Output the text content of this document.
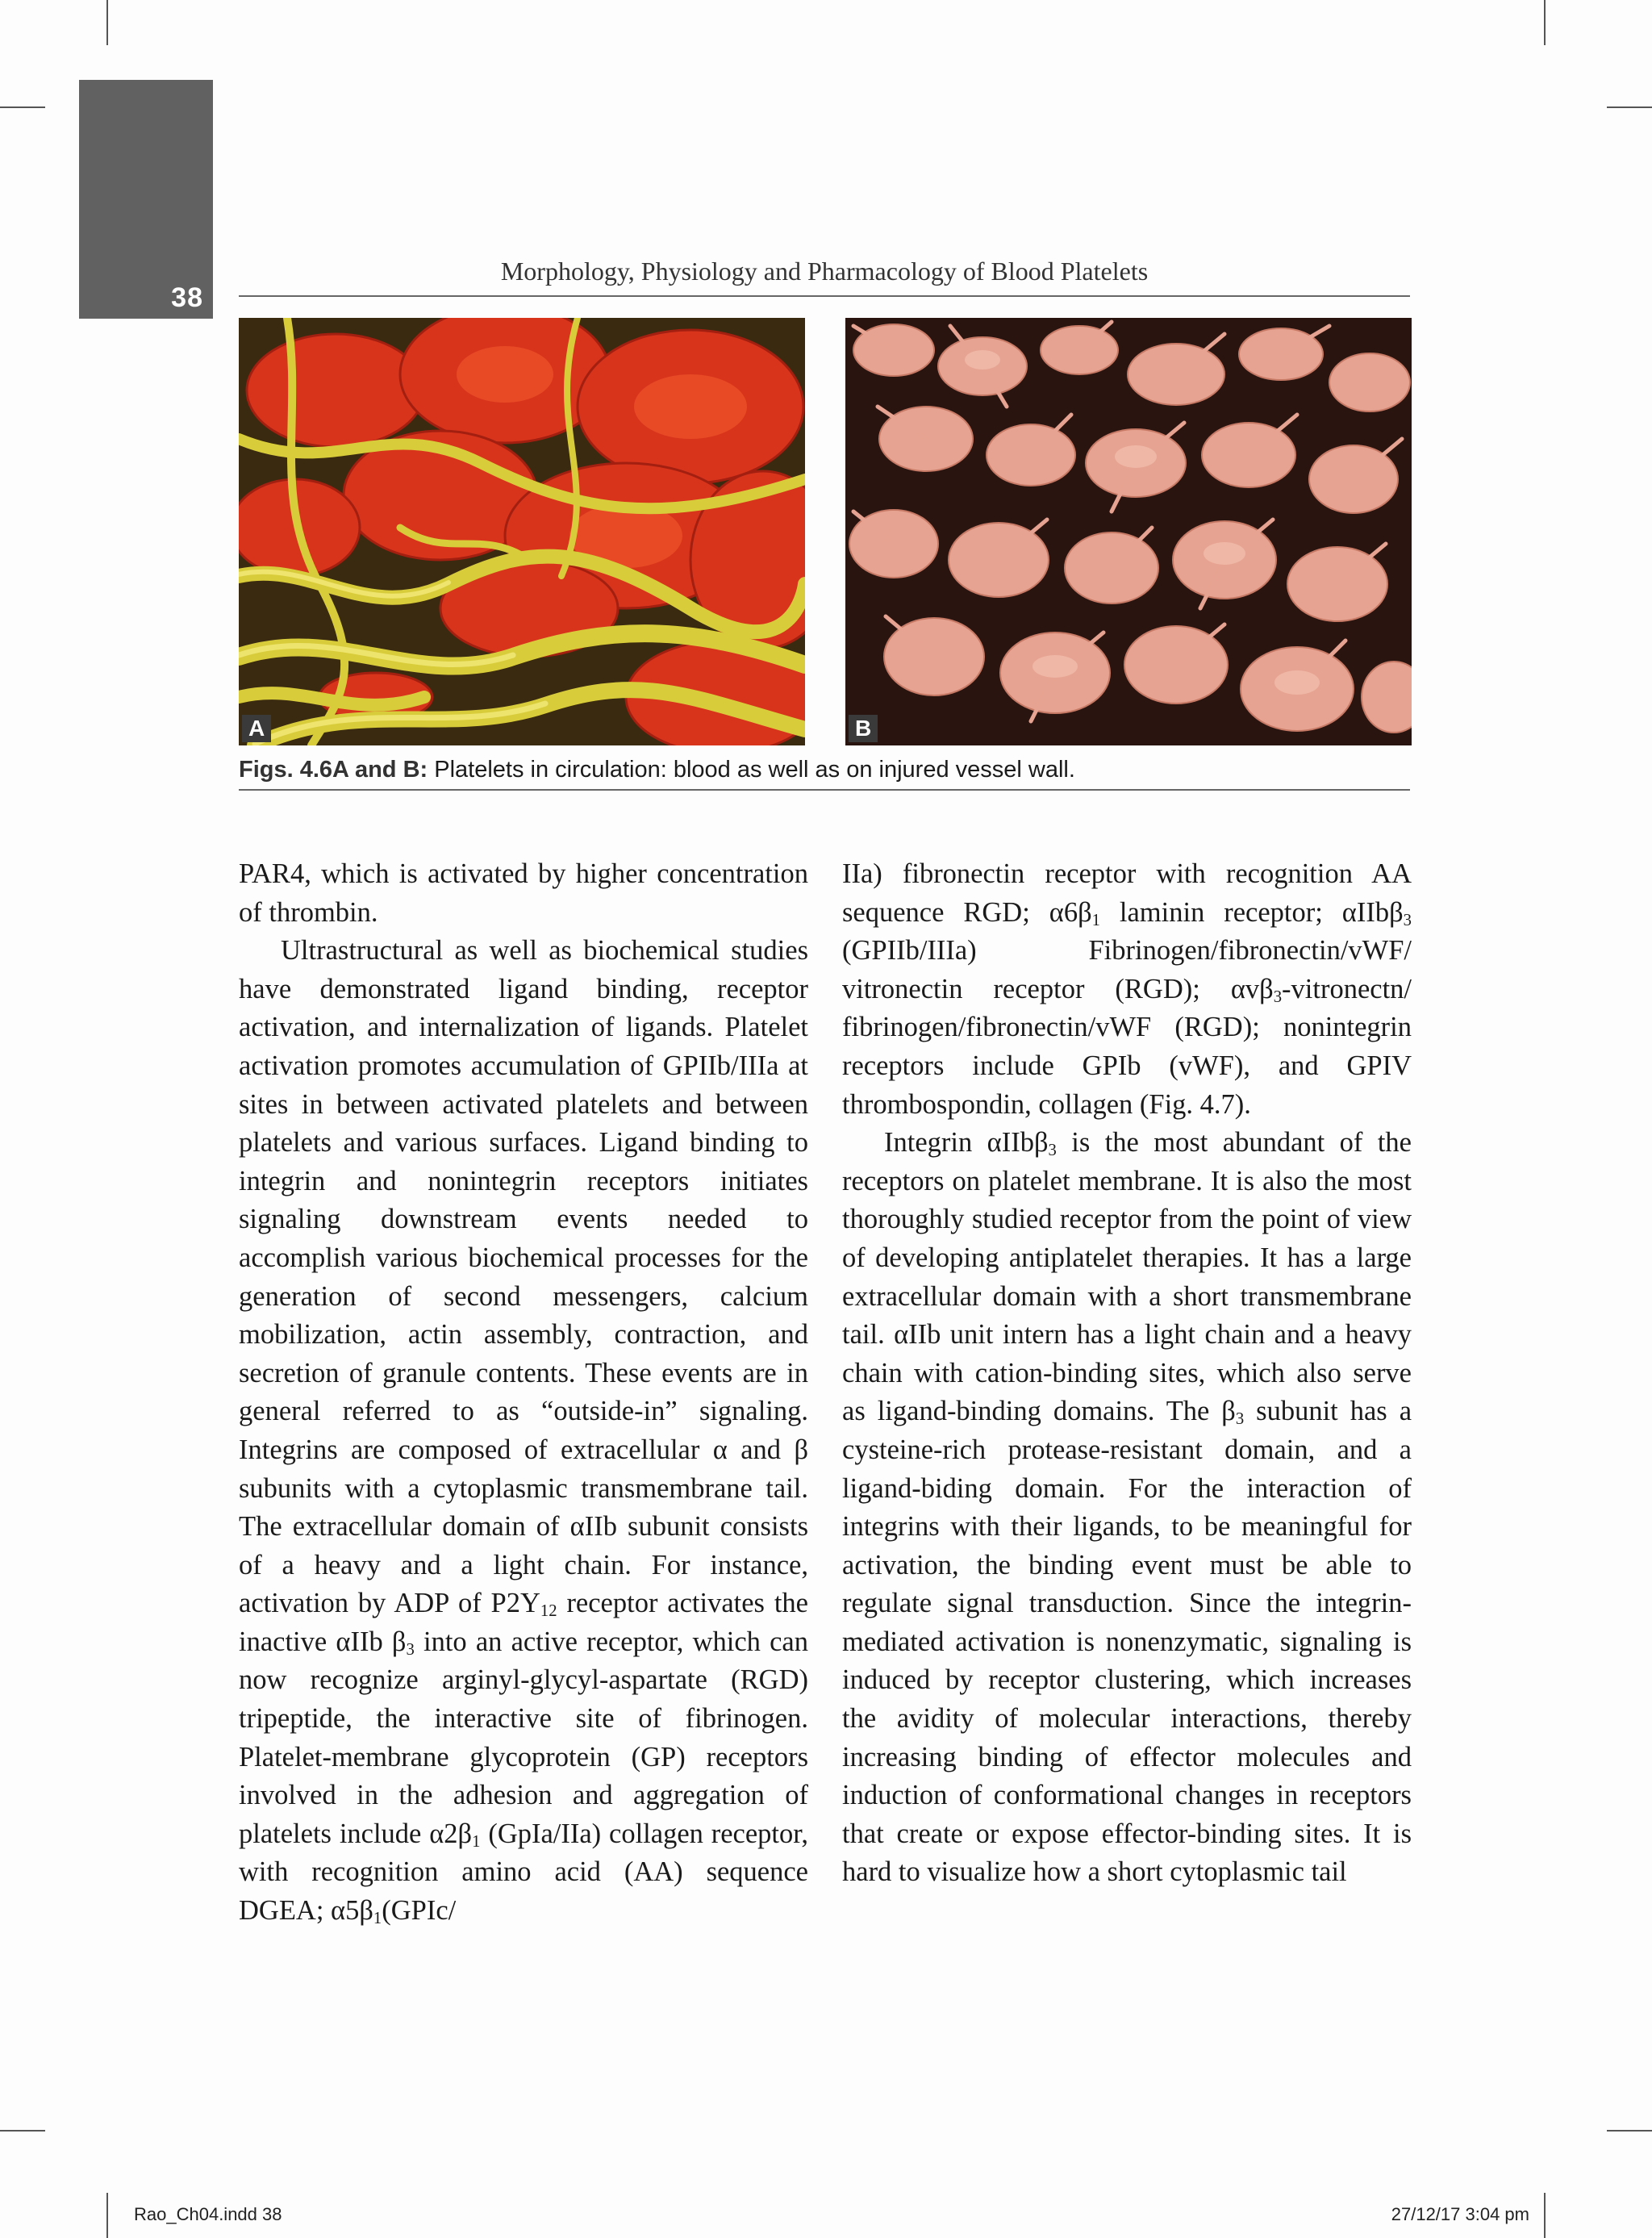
38
Morphology, Physiology and Pharmacology of Blood Platelets
A	B
Figs. 4.6A and B: Platelets in circulation: blood as well as on injured vessel wall.

PAR4, which is activated by higher concentration of thrombin.

Ultrastructural as well as biochemical studies have demonstrated ligand binding, receptor activation, and internalization of ligands. Platelet activation promotes accumulation of GPIIb/IIIa at sites in between activated platelets and between platelets and various surfaces. Ligand binding to integrin and nonintegrin receptors initiates signaling downstream events needed to accomplish various biochemical processes for the generation of second messengers, calcium mobilization, actin assembly, contraction, and secretion of granule contents. These events are in general referred to as “outside-in” signaling. Integrins are composed of extracellular α and β subunits with a cytoplasmic transmembrane tail. The extracellular domain of αIIb subunit consists of a heavy and a light chain. For instance, activation by ADP of $P2Y_{12}$ receptor activates the inactive αIIb $\beta_3$ into an active receptor, which can now recognize arginyl-glycyl-aspartate (RGD) tripeptide, the interactive site of fibrinogen. Platelet-membrane glycoprotein (GP) receptors involved in the adhesion and aggregation of platelets include $\alpha 2\beta_1$ (GpIa/IIa) collagen receptor, with recognition amino acid (AA) sequence DGEA; $\alpha 5\beta_1(GPIc/$

IIa) fibronectin receptor with recognition AA sequence RGD; $\alpha 6\beta_1$ laminin receptor; αIIbβ$_3$ (GPIIb/IIIa) Fibrinogen/fibronectin/vWF/ vitronectin receptor (RGD); αvβ$_3$-vitronectn/ fibrinogen/fibronectin/vWF (RGD); nonintegrin receptors include GPIb (vWF), and GPIV thrombospondin, collagen (Fig. 4.7).

Integrin αIIbβ$_3$ is the most abundant of the receptors on platelet membrane. It is also the most thoroughly studied receptor from the point of view of developing antiplatelet therapies. It has a large extracellular domain with a short transmembrane tail. αIIb unit intern has a light chain and a heavy chain with cation-binding sites, which also serve as ligand-binding domains. The $\beta_3$ subunit has a cysteine-rich protease-resistant domain, and a ligand-biding domain. For the interaction of integrins with their ligands, to be meaningful for activation, the binding event must be able to regulate signal transduction. Since the integrin-mediated activation is nonenzymatic, signaling is induced by receptor clustering, which increases the avidity of molecular interactions, thereby increasing binding of effector molecules and induction of conformational changes in receptors that create or expose effector-binding sites. It is hard to visualize how a short cytoplasmic tail

Rao_Ch04.indd 38	27/12/17 3:04 pm
